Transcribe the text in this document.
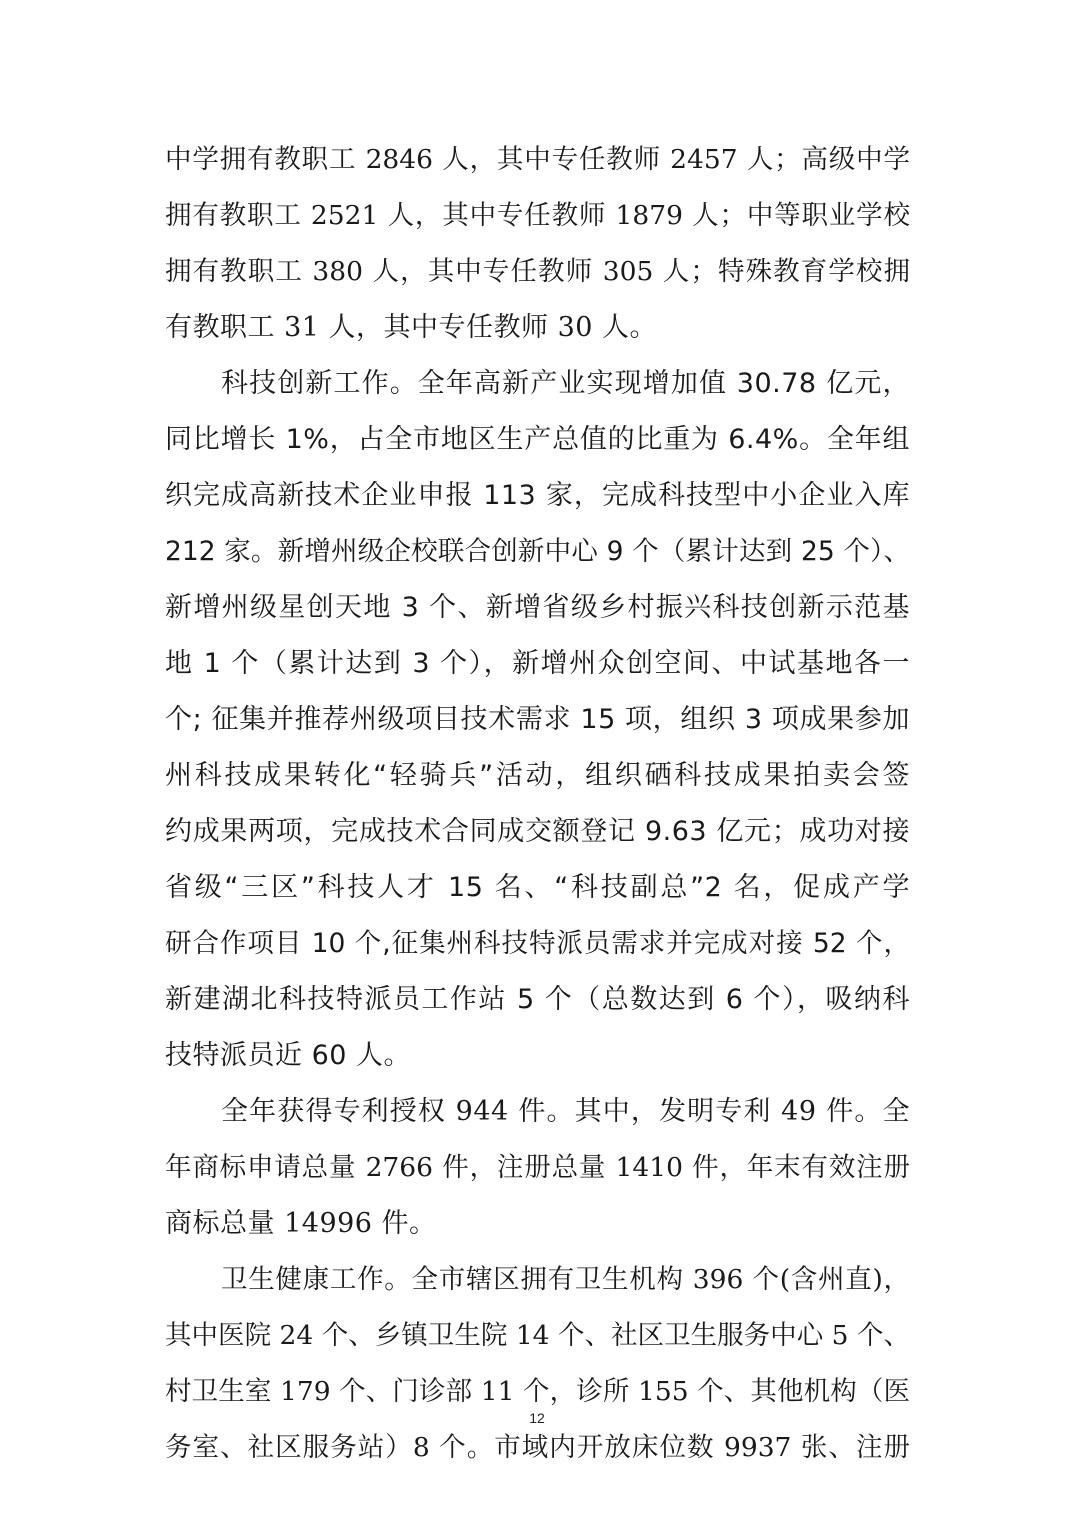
中学拥有教职工 2846 人，其中专任教师 2457 人；高级中学
拥有教职工 2521 人，其中专任教师 1879 人；中等职业学校
拥有教职工 380 人，其中专任教师 305 人；特殊教育学校拥
有教职工 31 人，其中专任教师 30 人。
科技创新工作。全年高新产业实现增加值 30.78 亿元，
同比增长 1%，占全市地区生产总值的比重为 6.4%。全年组
织完成高新技术企业申报 113 家，完成科技型中小企业入库
212 家。新增州级企校联合创新中心 9 个（累计达到 25 个）、
新增州级星创天地 3 个、新增省级乡村振兴科技创新示范基
地 1 个（累计达到 3 个），新增州众创空间、中试基地各一
个; 征集并推荐州级项目技术需求 15 项，组织 3 项成果参加
州科技成果转化“轻骑兵”活动，组织硒科技成果拍卖会签
约成果两项，完成技术合同成交额登记 9.63 亿元；成功对接
省级“三区”科技人才 15 名、“科技副总”2 名，促成产学
研合作项目 10 个,征集州科技特派员需求并完成对接 52 个，
新建湖北科技特派员工作站 5 个（总数达到 6 个），吸纳科
技特派员近 60 人。
全年获得专利授权 944 件。其中，发明专利 49 件。全
年商标申请总量 2766 件，注册总量 1410 件，年末有效注册
商标总量 14996 件。
卫生健康工作。全市辖区拥有卫生机构 396 个(含州直)，
其中医院 24 个、乡镇卫生院 14 个、社区卫生服务中心 5 个、
村卫生室 179 个、门诊部 11 个，诊所 155 个、其他机构（医
务室、社区服务站）8 个。市域内开放床位数 9937 张、注册
12
